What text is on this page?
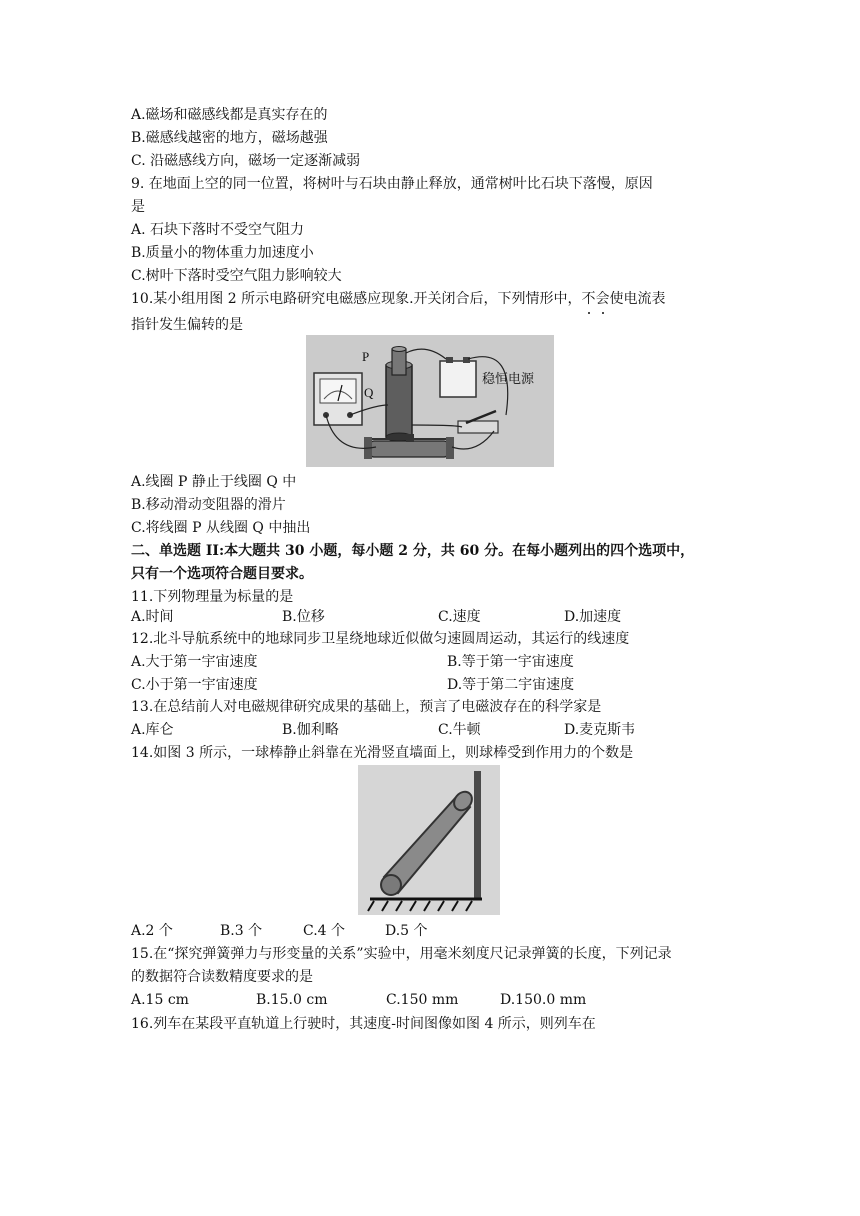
A.磁场和磁感线都是真实存在的
B.磁感线越密的地方，磁场越强
C. 沿磁感线方向，磁场一定逐渐减弱
9. 在地面上空的同一位置，将树叶与石块由静止释放，通常树叶比石块下落慢，原因
是
A. 石块下落时不受空气阻力
B.质量小的物体重力加速度小
C.树叶下落时受空气阻力影响较大
10.某小组用图 2 所示电路研究电磁感应现象.开关闭合后，下列情形中，不会使电流表
指针发生偏转的是
P
Q
稳恒电源
A.线圈 P 静止于线圈 Q 中
B.移动滑动变阻器的滑片
C.将线圈 P 从线圈 Q 中抽出
二、单选题 II:本大题共 30 小题，每小题 2 分，共 60 分。在每小题列出的四个选项中，
只有一个选项符合题目要求。
11.下列物理量为标量的是
A.时间	B.位移	C.速度	D.加速度
12.北斗导航系统中的地球同步卫星绕地球近似做匀速圆周运动，其运行的线速度
A.大于第一宇宙速度	B.等于第一宇宙速度
C.小于第一宇宙速度	D.等于第二宇宙速度
13.在总结前人对电磁规律研究成果的基础上，预言了电磁波存在的科学家是
A.库仑	B.伽利略	C.牛顿	D.麦克斯韦
14.如图 3 所示，一球棒静止斜靠在光滑竖直墙面上，则球棒受到作用力的个数是
A.2 个	B.3 个	C.4 个	D.5 个
15.在“探究弹簧弹力与形变量的关系”实验中，用毫米刻度尺记录弹簧的长度，下列记录
的数据符合读数精度要求的是
A.15 cm	B.15.0 cm	C.150 mm	D.150.0 mm
16.列车在某段平直轨道上行驶时，其速度-时间图像如图 4 所示，则列车在
